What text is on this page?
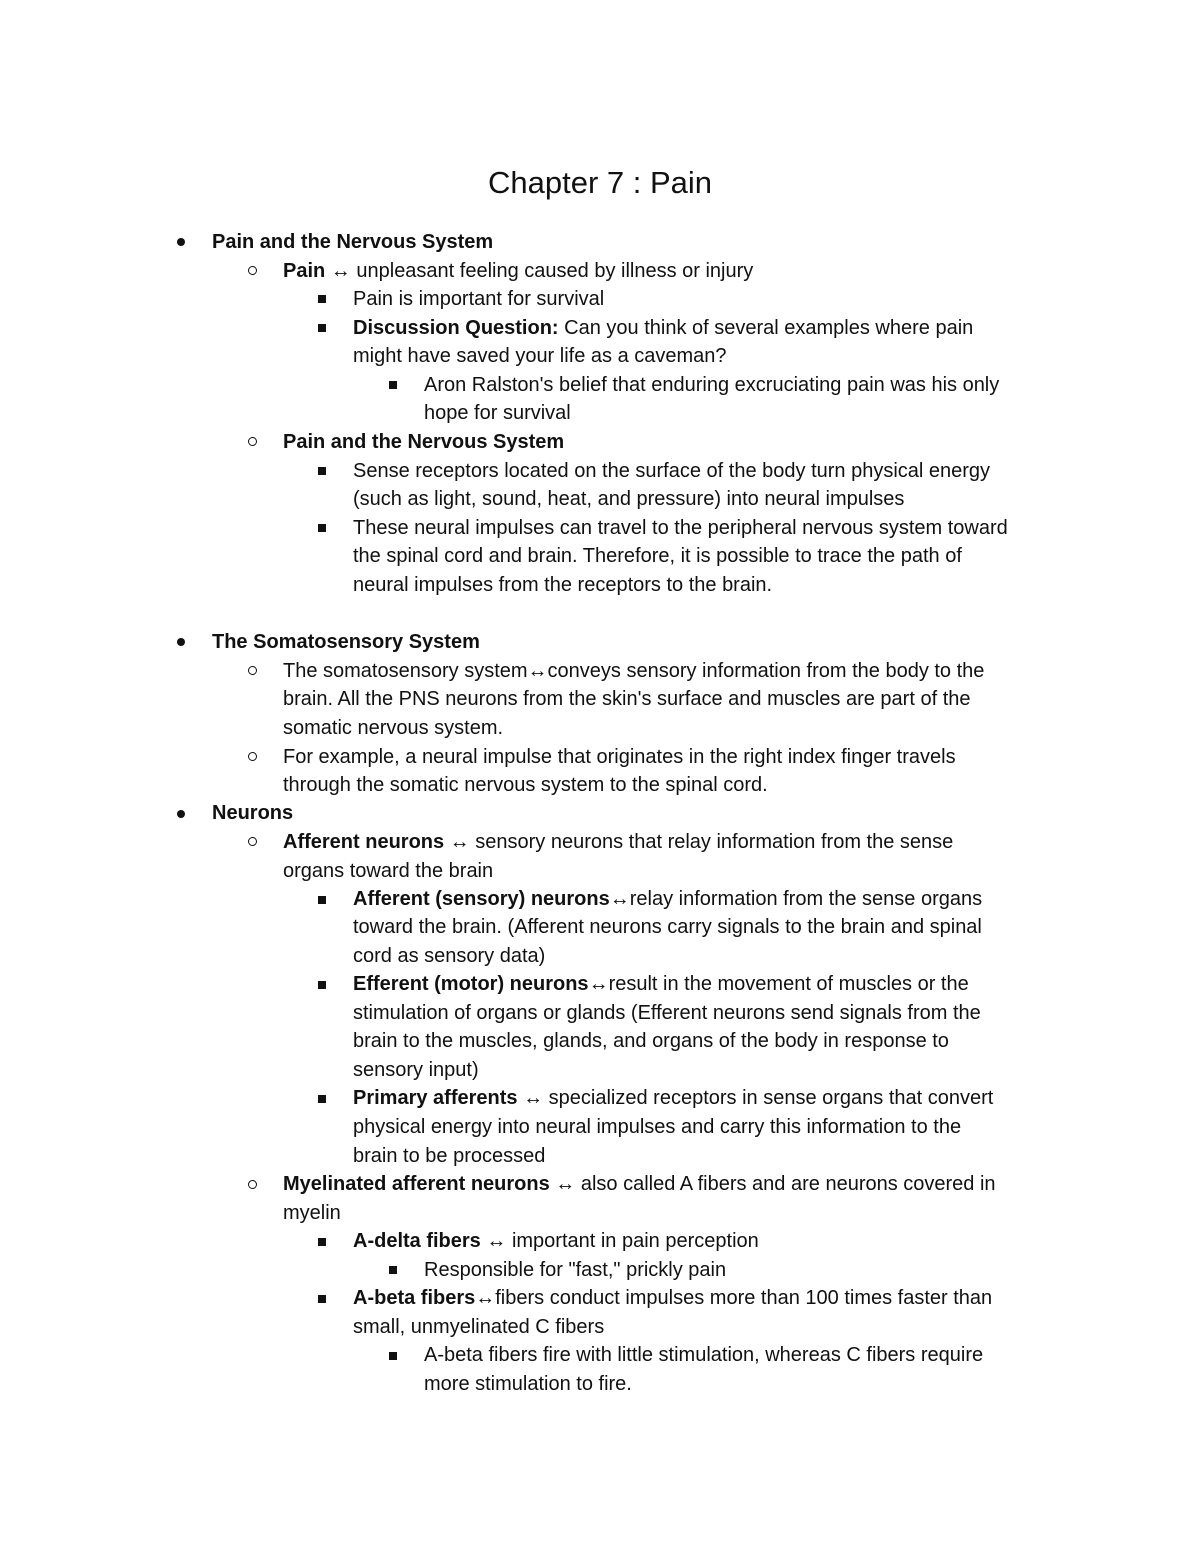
Chapter 7 : Pain
Pain and the Nervous System
Pain ↔ unpleasant feeling caused by illness or injury
Pain is important for survival
Discussion Question: Can you think of several examples where pain
might have saved your life as a caveman?
Aron Ralston's belief that enduring excruciating pain was his only
hope for survival
Pain and the Nervous System
Sense receptors located on the surface of the body turn physical energy
(such as light, sound, heat, and pressure) into neural impulses
These neural impulses can travel to the peripheral nervous system toward
the spinal cord and brain. Therefore, it is possible to trace the path of
neural impulses from the receptors to the brain.
The Somatosensory System
The somatosensory system↔conveys sensory information from the body to the
brain. All the PNS neurons from the skin's surface and muscles are part of the
somatic nervous system.
For example, a neural impulse that originates in the right index finger travels
through the somatic nervous system to the spinal cord.
Neurons
Afferent neurons ↔ sensory neurons that relay information from the sense
organs toward the brain
Afferent (sensory) neurons↔relay information from the sense organs
toward the brain. (Afferent neurons carry signals to the brain and spinal
cord as sensory data)
Efferent (motor) neurons↔result in the movement of muscles or the
stimulation of organs or glands (Efferent neurons send signals from the
brain to the muscles, glands, and organs of the body in response to
sensory input)
Primary afferents ↔ specialized receptors in sense organs that convert
physical energy into neural impulses and carry this information to the
brain to be processed
Myelinated afferent neurons ↔ also called A fibers and are neurons covered in
myelin
A-delta fibers ↔ important in pain perception
Responsible for "fast," prickly pain
A-beta fibers↔fibers conduct impulses more than 100 times faster than
small, unmyelinated C fibers
A-beta fibers fire with little stimulation, whereas C fibers require
more stimulation to fire.
